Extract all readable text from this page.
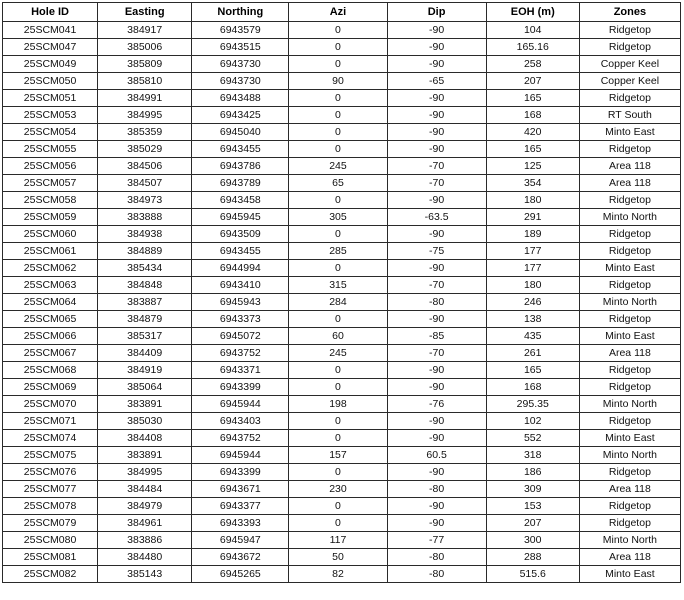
Hole ID	Easting	Northing	Azi	Dip	EOH (m)	Zones
25SCM041	384917	6943579	0	-90	104	Ridgetop
25SCM047	385006	6943515	0	-90	165.16	Ridgetop
25SCM049	385809	6943730	0	-90	258	Copper Keel
25SCM050	385810	6943730	90	-65	207	Copper Keel
25SCM051	384991	6943488	0	-90	165	Ridgetop
25SCM053	384995	6943425	0	-90	168	RT South
25SCM054	385359	6945040	0	-90	420	Minto East
25SCM055	385029	6943455	0	-90	165	Ridgetop
25SCM056	384506	6943786	245	-70	125	Area 118
25SCM057	384507	6943789	65	-70	354	Area 118
25SCM058	384973	6943458	0	-90	180	Ridgetop
25SCM059	383888	6945945	305	-63.5	291	Minto North
25SCM060	384938	6943509	0	-90	189	Ridgetop
25SCM061	384889	6943455	285	-75	177	Ridgetop
25SCM062	385434	6944994	0	-90	177	Minto East
25SCM063	384848	6943410	315	-70	180	Ridgetop
25SCM064	383887	6945943	284	-80	246	Minto North
25SCM065	384879	6943373	0	-90	138	Ridgetop
25SCM066	385317	6945072	60	-85	435	Minto East
25SCM067	384409	6943752	245	-70	261	Area 118
25SCM068	384919	6943371	0	-90	165	Ridgetop
25SCM069	385064	6943399	0	-90	168	Ridgetop
25SCM070	383891	6945944	198	-76	295.35	Minto North
25SCM071	385030	6943403	0	-90	102	Ridgetop
25SCM074	384408	6943752	0	-90	552	Minto East
25SCM075	383891	6945944	157	60.5	318	Minto North
25SCM076	384995	6943399	0	-90	186	Ridgetop
25SCM077	384484	6943671	230	-80	309	Area 118
25SCM078	384979	6943377	0	-90	153	Ridgetop
25SCM079	384961	6943393	0	-90	207	Ridgetop
25SCM080	383886	6945947	117	-77	300	Minto North
25SCM081	384480	6943672	50	-80	288	Area 118
25SCM082	385143	6945265	82	-80	515.6	Minto East
